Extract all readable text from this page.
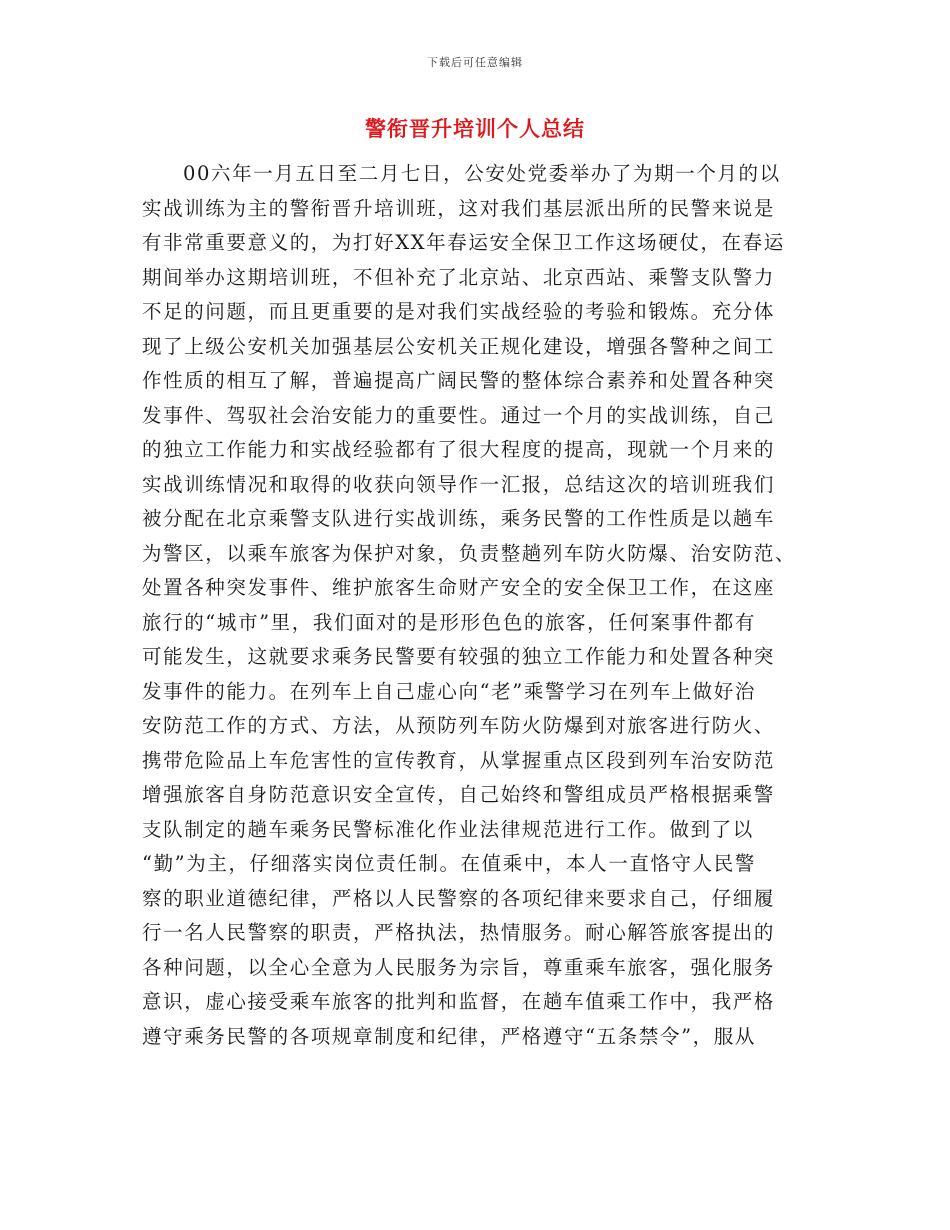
下载后可任意编辑
警衔晋升培训个人总结
00六年一月五日至二月七日，公安处党委举办了为期一个月的以
实战训练为主的警衔晋升培训班，这对我们基层派出所的民警来说是
有非常重要意义的，为打好XX年春运安全保卫工作这场硬仗，在春运
期间举办这期培训班，不但补充了北京站、北京西站、乘警支队警力
不足的问题，而且更重要的是对我们实战经验的考验和锻炼。充分体
现了上级公安机关加强基层公安机关正规化建设，增强各警种之间工
作性质的相互了解，普遍提高广阔民警的整体综合素养和处置各种突
发事件、驾驭社会治安能力的重要性。通过一个月的实战训练，自己
的独立工作能力和实战经验都有了很大程度的提高，现就一个月来的
实战训练情况和取得的收获向领导作一汇报，总结这次的培训班我们
被分配在北京乘警支队进行实战训练，乘务民警的工作性质是以趟车
为警区，以乘车旅客为保护对象，负责整趟列车防火防爆、治安防范、
处置各种突发事件、维护旅客生命财产安全的安全保卫工作，在这座
旅行的“城市”里，我们面对的是形形色色的旅客，任何案事件都有
可能发生，这就要求乘务民警要有较强的独立工作能力和处置各种突
发事件的能力。在列车上自己虚心向“老”乘警学习在列车上做好治
安防范工作的方式、方法，从预防列车防火防爆到对旅客进行防火、
携带危险品上车危害性的宣传教育，从掌握重点区段到列车治安防范
增强旅客自身防范意识安全宣传，自己始终和警组成员严格根据乘警
支队制定的趟车乘务民警标准化作业法律规范进行工作。做到了以
“勤”为主，仔细落实岗位责任制。在值乘中，本人一直恪守人民警
察的职业道德纪律，严格以人民警察的各项纪律来要求自己，仔细履
行一名人民警察的职责，严格执法，热情服务。耐心解答旅客提出的
各种问题，以全心全意为人民服务为宗旨，尊重乘车旅客，强化服务
意识，虚心接受乘车旅客的批判和监督，在趟车值乘工作中，我严格
遵守乘务民警的各项规章制度和纪律，严格遵守“五条禁令”，服从
